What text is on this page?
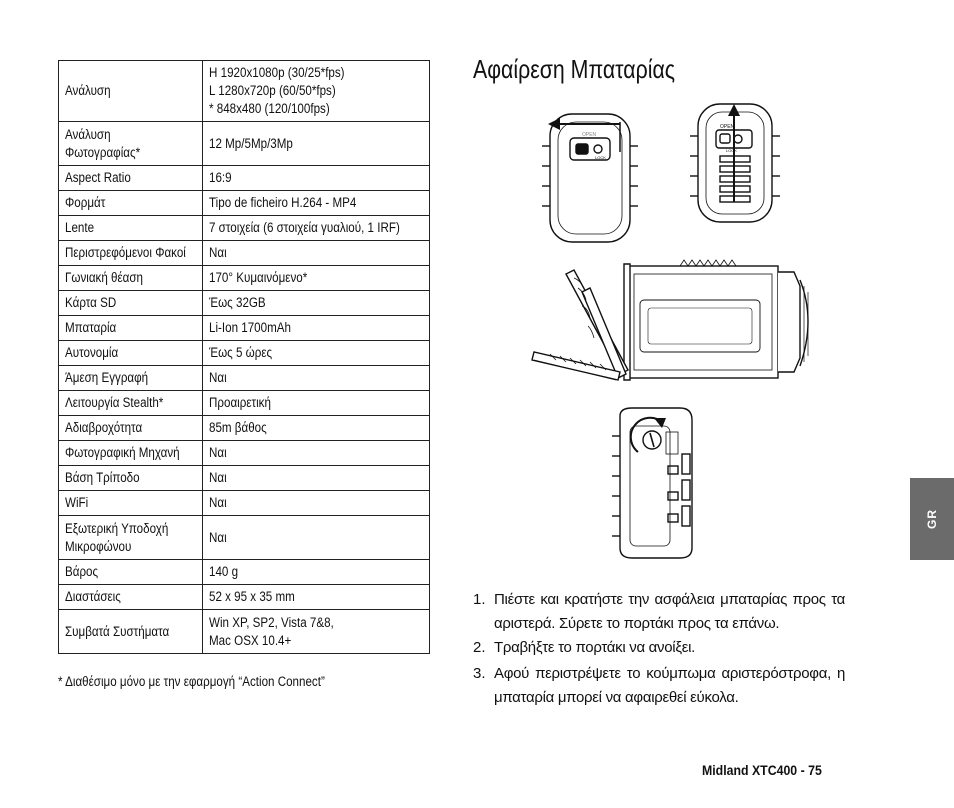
Ανάλυση	H 1920x1080p (30/25*fps)
L 1280x720p (60/50*fps)
* 848x480 (120/100fps)

Ανάλυση
Φωτογραφίας*	12 Mp/5Mp/3Mp
Aspect Ratio	16:9
Φορμάτ	Tipo de ficheiro H.264 - MP4
Lente	7 στοιχεία (6 στοιχεία γυαλιού, 1 IRF)
Περιστρεφόμενοι Φακοί	Ναι
Γωνιακή θέαση	170° Κυμαινόμενο*
Κάρτα SD	Έως 32GB
Μπαταρία	Li-Ion 1700mAh
Αυτονομία	Έως 5 ώρες
Άμεση Εγγραφή	Ναι
Λειτουργία Stealth*	Προαιρετική
Αδιαβροχότητα	85m βάθος
Φωτογραφική Μηχανή	Ναι
Βάση Τρίποδο	Ναι
WiFi	Ναι

Εξωτερική Υποδοχή
Μικροφώνου	Ναι
Βάρος	140 g
Διαστάσεις	52 x 95 x 35 mm
Συμβατά Συστήματα	Win XP, SP2, Vista 7&8,
Mac OSX 10.4+
* Διαθέσιμο μόνο με την εφαρμογή “Action Connect”
Αφαίρεση Μπαταρίας
OPEN
LOCK
OPEN
LOCK
1. Πιέστε και κρατήστε την ασφάλεια μπαταρίας προς τα αριστερά. Σύρετε το πορτάκι προς τα επάνω.
2. Τραβήξτε το πορτάκι να ανοίξει.
3. Αφού περιστρέψετε το κούμπωμα αριστερόστροφα, η μπαταρία μπορεί να αφαιρεθεί εύκολα.
GR
Midland XTC400 - 75
